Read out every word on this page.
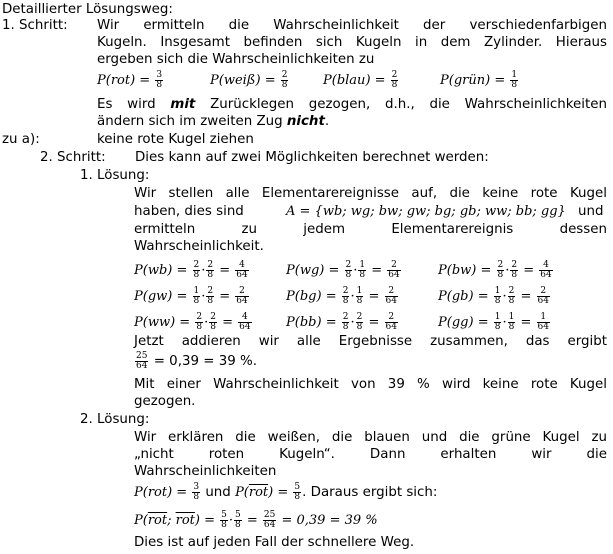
Detaillierter Lösungsweg:
1. Schritt: Wir ermitteln die Wahrscheinlichkeit der verschiedenfarbigen
Kugeln. Insgesamt befinden sich Kugeln in dem Zylinder. Hieraus
ergeben sich die Wahrscheinlichkeiten zu
$P(rot) = \frac{3}{8}$	P(weiß) = $\frac{2}{8}$	P(blau) = $\frac{2}{8}$	P(grün) = $\frac{1}{8}$
Es wird mit Zurücklegen gezogen, d.h., die Wahrscheinlichkeiten
ändern sich im zweiten Zug nicht.
zu a):	keine rote Kugel ziehen
2. Schritt: Dies kann auf zwei Möglichkeiten berechnet werden:
1. Lösung:
Wir stellen alle Elementarereignisse auf, die keine rote Kugel
haben, dies sind	A = {wb; wg; bw; gw; bg; gb; ww; bb; gg} und
ermitteln zu jedem Elementarereignis dessen
Wahrscheinlichkeit.
$P(wb) = \frac{2}{8} \cdot \frac{2}{8} = \frac{4}{64}$	$P(wg) = \frac{2}{8} \cdot \frac{1}{8} = \frac{2}{64}$	$P(bw) = \frac{2}{8} \cdot \frac{2}{8} = \frac{4}{64}$
$P(gw) = \frac{1}{8} \cdot \frac{2}{8} = \frac{2}{64}$	$P(bg) = \frac{2}{8} \cdot \frac{1}{8} = \frac{2}{64}$	$P(gb) = \frac{1}{8} \cdot \frac{2}{8} = \frac{2}{64}$
$P(ww) = \frac{2}{8} \cdot \frac{2}{8} = \frac{4}{64}$	$P(bb) = \frac{2}{8} \cdot \frac{2}{8} = \frac{2}{64}$	$P(gg) = \frac{1}{8} \cdot \frac{1}{8} = \frac{1}{64}$
Jetzt addieren wir alle Ergebnisse zusammen, das ergibt
$\frac{25}{64} = 0,39 = 39$ %.
Mit einer Wahrscheinlichkeit von 39 % wird keine rote Kugel
gezogen.
2. Lösung:
Wir erklären die weißen, die blauen und die grüne Kugel zu
„nicht roten Kugeln“. Dann erhalten wir die
Wahrscheinlichkeiten
$P(rot) = \frac{3}{8}$ und $P(\overline{rot}) = \frac{5}{8}$ . Daraus ergibt sich:
$P(\overline{rot}$; $\overline{rot}) = \frac{5}{8} \cdot \frac{5}{8} = \frac{25}{64} = 0,39 = 39$ %
Dies ist auf jeden Fall der schnellere Weg.
